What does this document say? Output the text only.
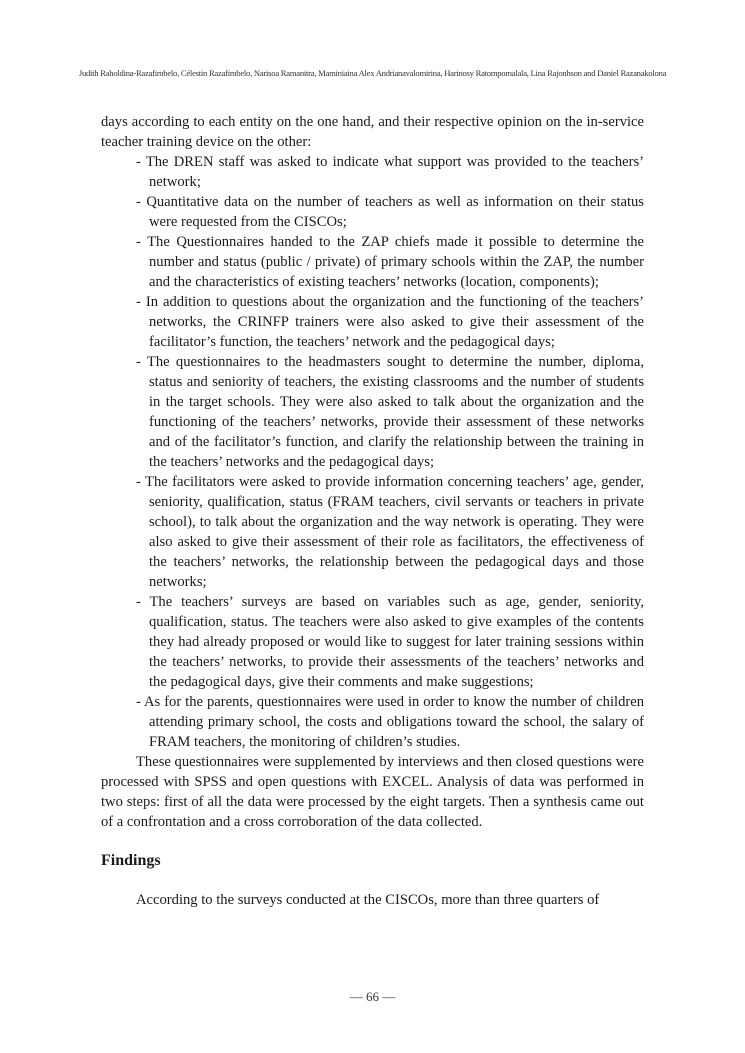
Judith Raholdina-Razafimbelo, Célestin Razafimbelo, Narisoa Ramanitra, Maminiaina Alex Andrianavalomirina, Harinosy Ratompomalala, Lina Rajonhson and Daniel Razanakolona

days according to each entity on the one hand, and their respective opinion on the in-service teacher training device on the other:

- The DREN staff was asked to indicate what support was provided to the teachers’ network;
- Quantitative data on the number of teachers as well as information on their status were requested from the CISCOs;
- The Questionnaires handed to the ZAP chiefs made it possible to determine the number and status (public / private) of primary schools within the ZAP, the number and the characteristics of existing teachers’ networks (location, components);
- In addition to questions about the organization and the functioning of the teachers’ networks, the CRINFP trainers were also asked to give their assessment of the facilitator’s function, the teachers’ network and the pedagogical days;
- The questionnaires to the headmasters sought to determine the number, diploma, status and seniority of teachers, the existing classrooms and the number of students in the target schools. They were also asked to talk about the organization and the functioning of the teachers’ networks, provide their assessment of these networks and of the facilitator’s function, and clarify the relationship between the training in the teachers’ networks and the pedagogical days;
- The facilitators were asked to provide information concerning teachers’ age, gender, seniority, qualification, status (FRAM teachers, civil servants or teachers in private school), to talk about the organization and the way network is operating. They were also asked to give their assessment of their role as facilitators, the effectiveness of the teachers’ networks, the relationship between the pedagogical days and those networks;
- The teachers’ surveys are based on variables such as age, gender, seniority, qualification, status. The teachers were also asked to give examples of the contents they had already proposed or would like to suggest for later training sessions within the teachers’ networks, to provide their assessments of the teachers’ networks and the pedagogical days, give their comments and make suggestions;
- As for the parents, questionnaires were used in order to know the number of children attending primary school, the costs and obligations toward the school, the salary of FRAM teachers, the monitoring of children’s studies.

These questionnaires were supplemented by interviews and then closed questions were processed with SPSS and open questions with EXCEL. Analysis of data was performed in two steps: first of all the data were processed by the eight targets. Then a synthesis came out of a confrontation and a cross corroboration of the data collected.

Findings

According to the surveys conducted at the CISCOs, more than three quarters of

— 66 —
